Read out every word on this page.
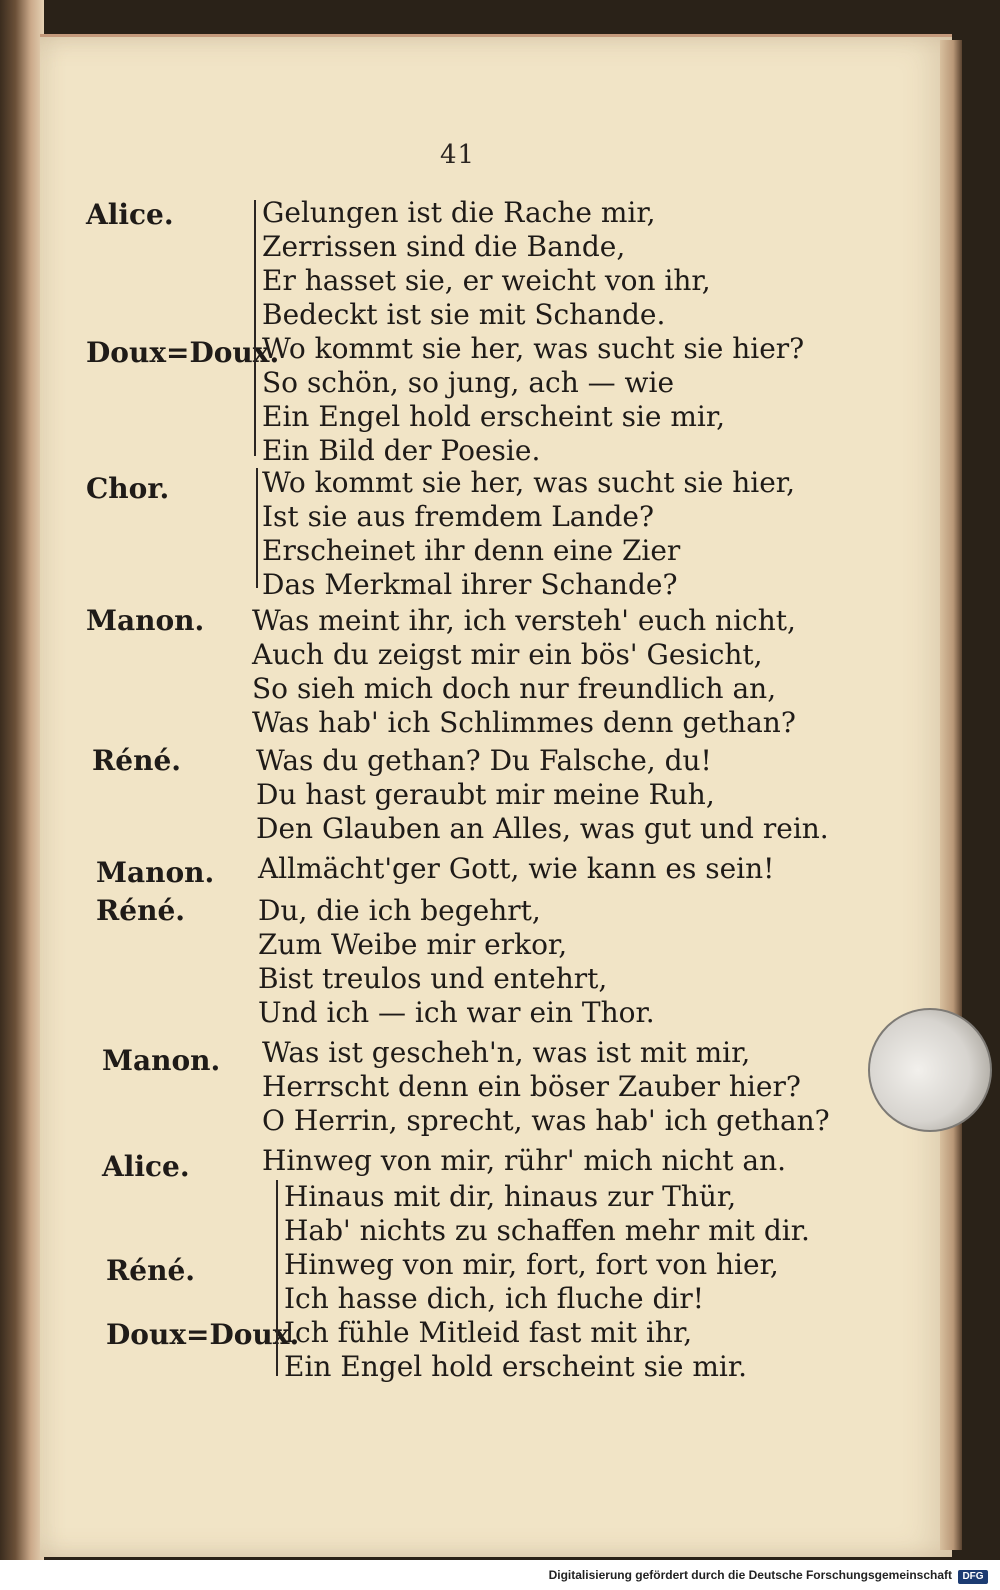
41
Alice.
Doux=Doux.
Chor.
Manon.
Réné.
Manon.
Réné.
Manon.
Alice.
Réné.
Doux=Doux.
Gelungen ist die Rache mir,
Zerrissen sind die Bande,
Er hasset sie, er weicht von ihr,
Bedeckt ist sie mit Schande.
Wo kommt sie her, was sucht sie hier?
So schön, so jung, ach — wie
Ein Engel hold erscheint sie mir,
Ein Bild der Poesie.
Wo kommt sie her, was sucht sie hier,
Ist sie aus fremdem Lande?
Erscheinet ihr denn eine Zier
Das Merkmal ihrer Schande?
Was meint ihr, ich versteh' euch nicht,
Auch du zeigst mir ein bös' Gesicht,
So sieh mich doch nur freundlich an,
Was hab' ich Schlimmes denn gethan?
Was du gethan? Du Falsche, du!
Du hast geraubt mir meine Ruh,
Den Glauben an Alles, was gut und rein.
Allmächt'ger Gott, wie kann es sein!
Du, die ich begehrt,
Zum Weibe mir erkor,
Bist treulos und entehrt,
Und ich — ich war ein Thor.
Was ist gescheh'n, was ist mit mir,
Herrscht denn ein böser Zauber hier?
O Herrin, sprecht, was hab' ich gethan?
Hinweg von mir, rühr' mich nicht an.
Hinaus mit dir, hinaus zur Thür,
Hab' nichts zu schaffen mehr mit dir.
Hinweg von mir, fort, fort von hier,
Ich hasse dich, ich fluche dir!
Ich fühle Mitleid fast mit ihr,
Ein Engel hold erscheint sie mir.
Digitalisierung gefördert durch die Deutsche Forschungsgemeinschaft	DFG
